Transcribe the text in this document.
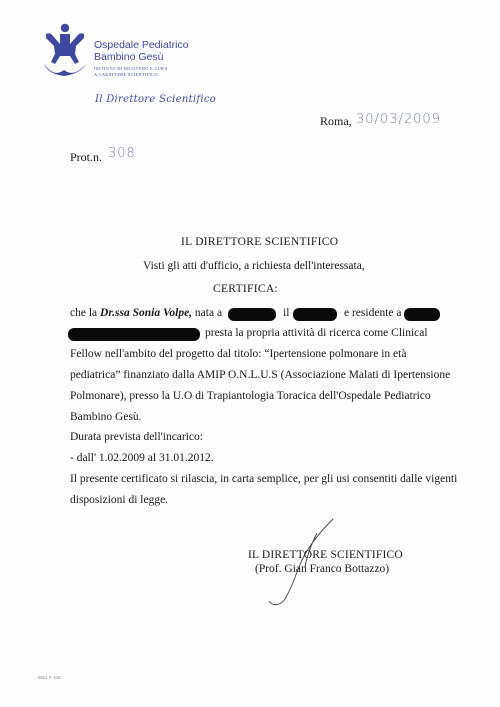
Ospedale Pediatrico
Bambino Gesù
ISTITUTO DI RICOVERO E CURA
A CARATTERE SCIENTIFICO
Il Direttore Scientifico
Roma, 30/03/2009
Prot.n. 308
IL DIRETTORE SCIENTIFICO
Visti gli atti d'ufficio, a richiesta dell'interessata,
CERTIFICA:
che la Dr.ssa Sonia Volpe, nata a	il	e residente a
presta la propria attività di ricerca come Clinical
Fellow nell'ambito del progetto dal titolo: “Ipertensione polmonare in età
pediatrica” finanziato dalla AMIP O.N.L.U.S (Associazione Malati di Ipertensione
Polmonare), presso la U.O di Trapiantologia Toracica dell'Ospedale Pediatrico
Bambino Gesù.
Durata prevista dell'incarico:
- dall' 1.02.2009 al 31.01.2012.
Il presente certificato si rilascia, in carta semplice, per gli usi consentiti dalle vigenti
disposizioni di legge.
IL DIRETTORE SCIENTIFICO
(Prof. Gian Franco Bottazzo)
Mod. F 416
